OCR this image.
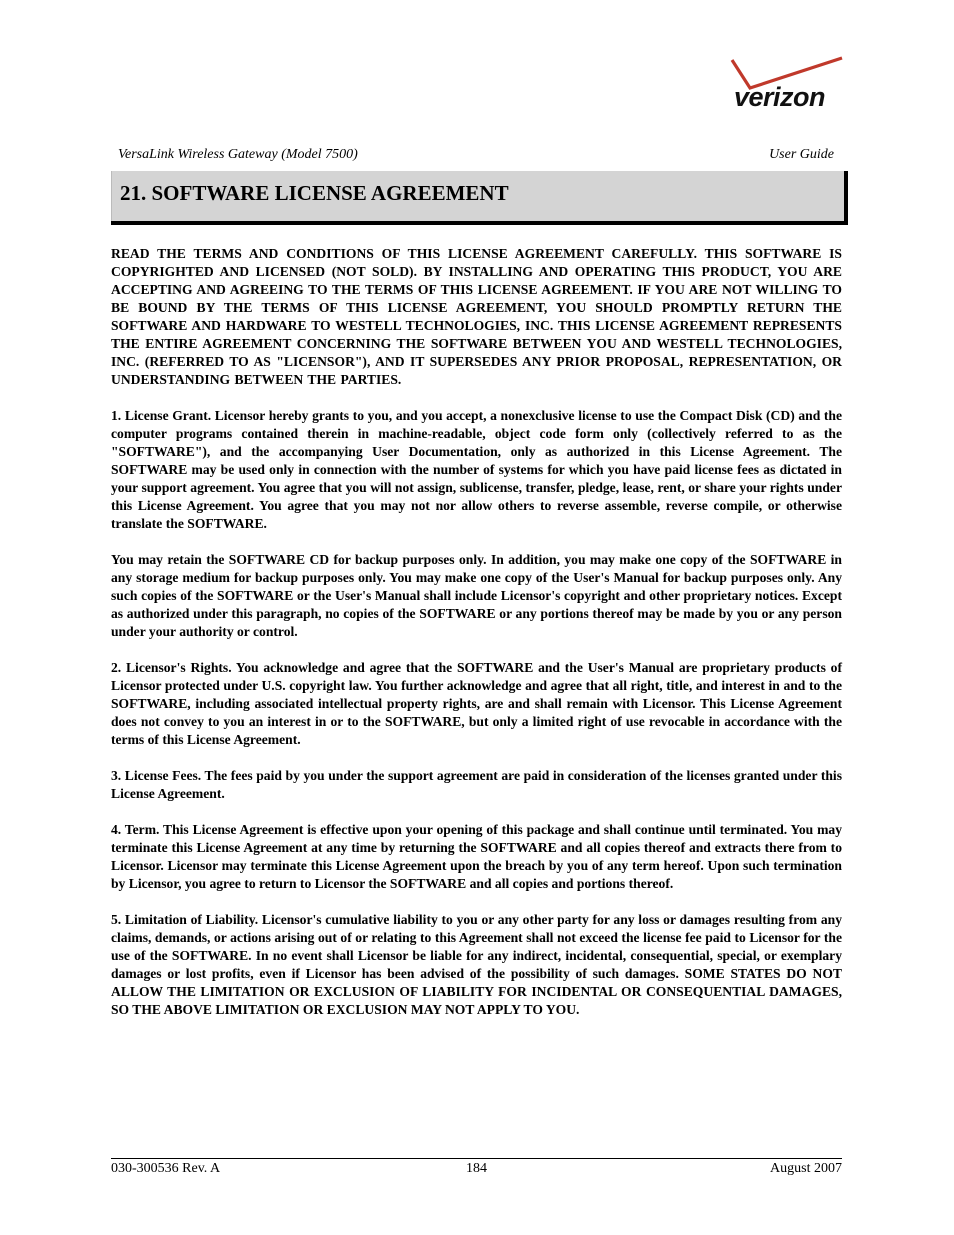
verizon
VersaLink Wireless Gateway (Model 7500)	User Guide
21. SOFTWARE LICENSE AGREEMENT

READ THE TERMS AND CONDITIONS OF THIS LICENSE AGREEMENT CAREFULLY. THIS SOFTWARE IS COPYRIGHTED AND LICENSED (NOT SOLD). BY INSTALLING AND OPERATING THIS PRODUCT, YOU ARE ACCEPTING AND AGREEING TO THE TERMS OF THIS LICENSE AGREEMENT. IF YOU ARE NOT WILLING TO BE BOUND BY THE TERMS OF THIS LICENSE AGREEMENT, YOU SHOULD PROMPTLY RETURN THE SOFTWARE AND HARDWARE TO WESTELL TECHNOLOGIES, INC. THIS LICENSE AGREEMENT REPRESENTS THE ENTIRE AGREEMENT CONCERNING THE SOFTWARE BETWEEN YOU AND WESTELL TECHNOLOGIES, INC. (REFERRED TO AS "LICENSOR"), AND IT SUPERSEDES ANY PRIOR PROPOSAL, REPRESENTATION, OR UNDERSTANDING BETWEEN THE PARTIES.

1. License Grant. Licensor hereby grants to you, and you accept, a nonexclusive license to use the Compact Disk (CD) and the computer programs contained therein in machine-readable, object code form only (collectively referred to as the "SOFTWARE"), and the accompanying User Documentation, only as authorized in this License Agreement. The SOFTWARE may be used only in connection with the number of systems for which you have paid license fees as dictated in your support agreement. You agree that you will not assign, sublicense, transfer, pledge, lease, rent, or share your rights under this License Agreement. You agree that you may not nor allow others to reverse assemble, reverse compile, or otherwise translate the SOFTWARE.

You may retain the SOFTWARE CD for backup purposes only. In addition, you may make one copy of the SOFTWARE in any storage medium for backup purposes only. You may make one copy of the User's Manual for backup purposes only. Any such copies of the SOFTWARE or the User's Manual shall include Licensor's copyright and other proprietary notices. Except as authorized under this paragraph, no copies of the SOFTWARE or any portions thereof may be made by you or any person under your authority or control.

2. Licensor's Rights. You acknowledge and agree that the SOFTWARE and the User's Manual are proprietary products of Licensor protected under U.S. copyright law. You further acknowledge and agree that all right, title, and interest in and to the SOFTWARE, including associated intellectual property rights, are and shall remain with Licensor. This License Agreement does not convey to you an interest in or to the SOFTWARE, but only a limited right of use revocable in accordance with the terms of this License Agreement.

3. License Fees. The fees paid by you under the support agreement are paid in consideration of the licenses granted under this License Agreement.

4. Term. This License Agreement is effective upon your opening of this package and shall continue until terminated. You may terminate this License Agreement at any time by returning the SOFTWARE and all copies thereof and extracts there from to Licensor. Licensor may terminate this License Agreement upon the breach by you of any term hereof. Upon such termination by Licensor, you agree to return to Licensor the SOFTWARE and all copies and portions thereof.

5. Limitation of Liability. Licensor's cumulative liability to you or any other party for any loss or damages resulting from any claims, demands, or actions arising out of or relating to this Agreement shall not exceed the license fee paid to Licensor for the use of the SOFTWARE. In no event shall Licensor be liable for any indirect, incidental, consequential, special, or exemplary damages or lost profits, even if Licensor has been advised of the possibility of such damages. SOME STATES DO NOT ALLOW THE LIMITATION OR EXCLUSION OF LIABILITY FOR INCIDENTAL OR CONSEQUENTIAL DAMAGES, SO THE ABOVE LIMITATION OR EXCLUSION MAY NOT APPLY TO YOU.

030-300536 Rev. A	184	August 2007
